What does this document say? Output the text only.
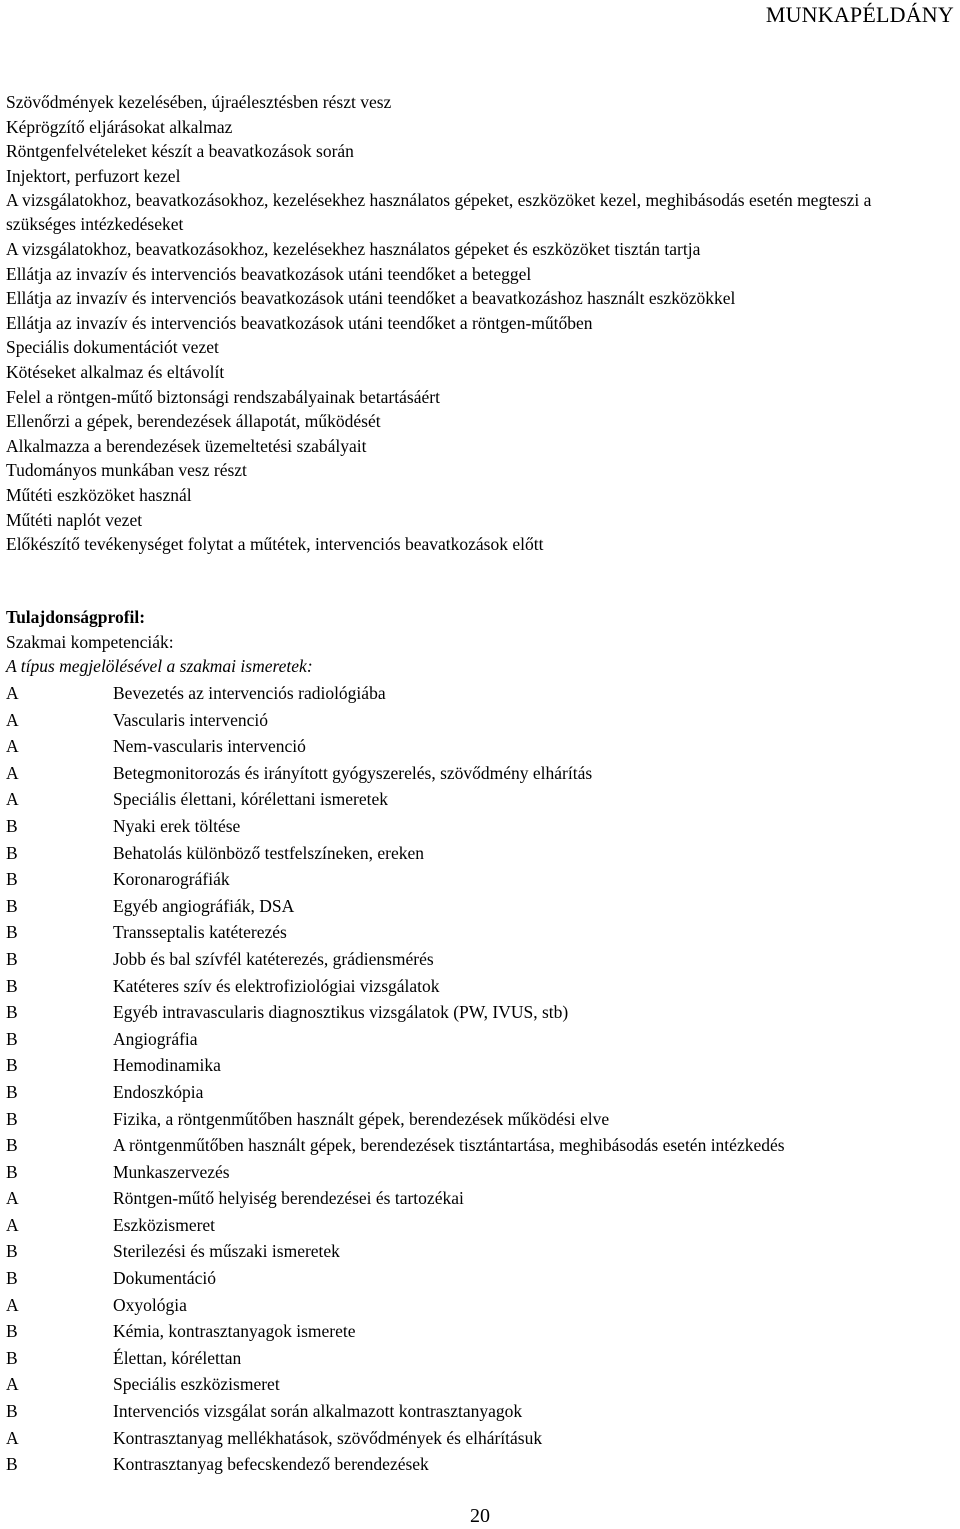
MUNKAPÉLDÁNY
Szövődmények kezelésében, újraélesztésben részt vesz
Képrögzítő eljárásokat alkalmaz
Röntgenfelvételeket készít a beavatkozások során
Injektort, perfuzort kezel
A vizsgálatokhoz, beavatkozásokhoz, kezelésekhez használatos gépeket, eszközöket kezel, meghibásodás esetén megteszi a szükséges intézkedéseket
A vizsgálatokhoz, beavatkozásokhoz, kezelésekhez használatos gépeket és eszközöket tisztán tartja
Ellátja az invazív és intervenciós beavatkozások utáni teendőket a beteggel
Ellátja az invazív és intervenciós beavatkozások utáni teendőket a beavatkozáshoz használt eszközökkel
Ellátja az invazív és intervenciós beavatkozások utáni teendőket a röntgen-műtőben
Speciális dokumentációt vezet
Kötéseket alkalmaz és eltávolít
Felel a röntgen-műtő biztonsági rendszabályainak betartásáért
Ellenőrzi a gépek, berendezések állapotát, működését
Alkalmazza a berendezések üzemeltetési szabályait
Tudományos munkában vesz részt
Műtéti eszközöket használ
Műtéti naplót vezet
Előkészítő tevékenységet folytat a műtétek, intervenciós beavatkozások előtt
Tulajdonságprofil:
Szakmai kompetenciák:
A típus megjelölésével a szakmai ismeretek:
A	Bevezetés az intervenciós radiológiába
A	Vascularis intervenció
A	Nem-vascularis intervenció
A	Betegmonitorozás és irányított gyógyszerelés, szövődmény elhárítás
A	Speciális élettani, kórélettani ismeretek
B	Nyaki erek töltése
B	Behatolás különböző testfelszíneken, ereken
B	Koronarográfiák
B	Egyéb angiográfiák, DSA
B	Transseptalis katéterezés
B	Jobb és bal szívfél katéterezés, grádiensmérés
B	Katéteres szív és elektrofiziológiai vizsgálatok
B	Egyéb intravascularis diagnosztikus vizsgálatok (PW, IVUS, stb)
B	Angiográfia
B	Hemodinamika
B	Endoszkópia
B	Fizika, a röntgenműtőben használt gépek, berendezések működési elve
B	A röntgenműtőben használt gépek, berendezések tisztántartása, meghibásodás esetén intézkedés
B	Munkaszervezés
A	Röntgen-műtő helyiség berendezései és tartozékai
A	Eszközismeret
B	Sterilezési és műszaki ismeretek
B	Dokumentáció
A	Oxyológia
B	Kémia, kontrasztanyagok ismerete
B	Élettan, kórélettan
A	Speciális eszközismeret
B	Intervenciós vizsgálat során alkalmazott kontrasztanyagok
A	Kontrasztanyag mellékhatások, szövődmények és elhárításuk
B	Kontrasztanyag befecskendező berendezések
20
